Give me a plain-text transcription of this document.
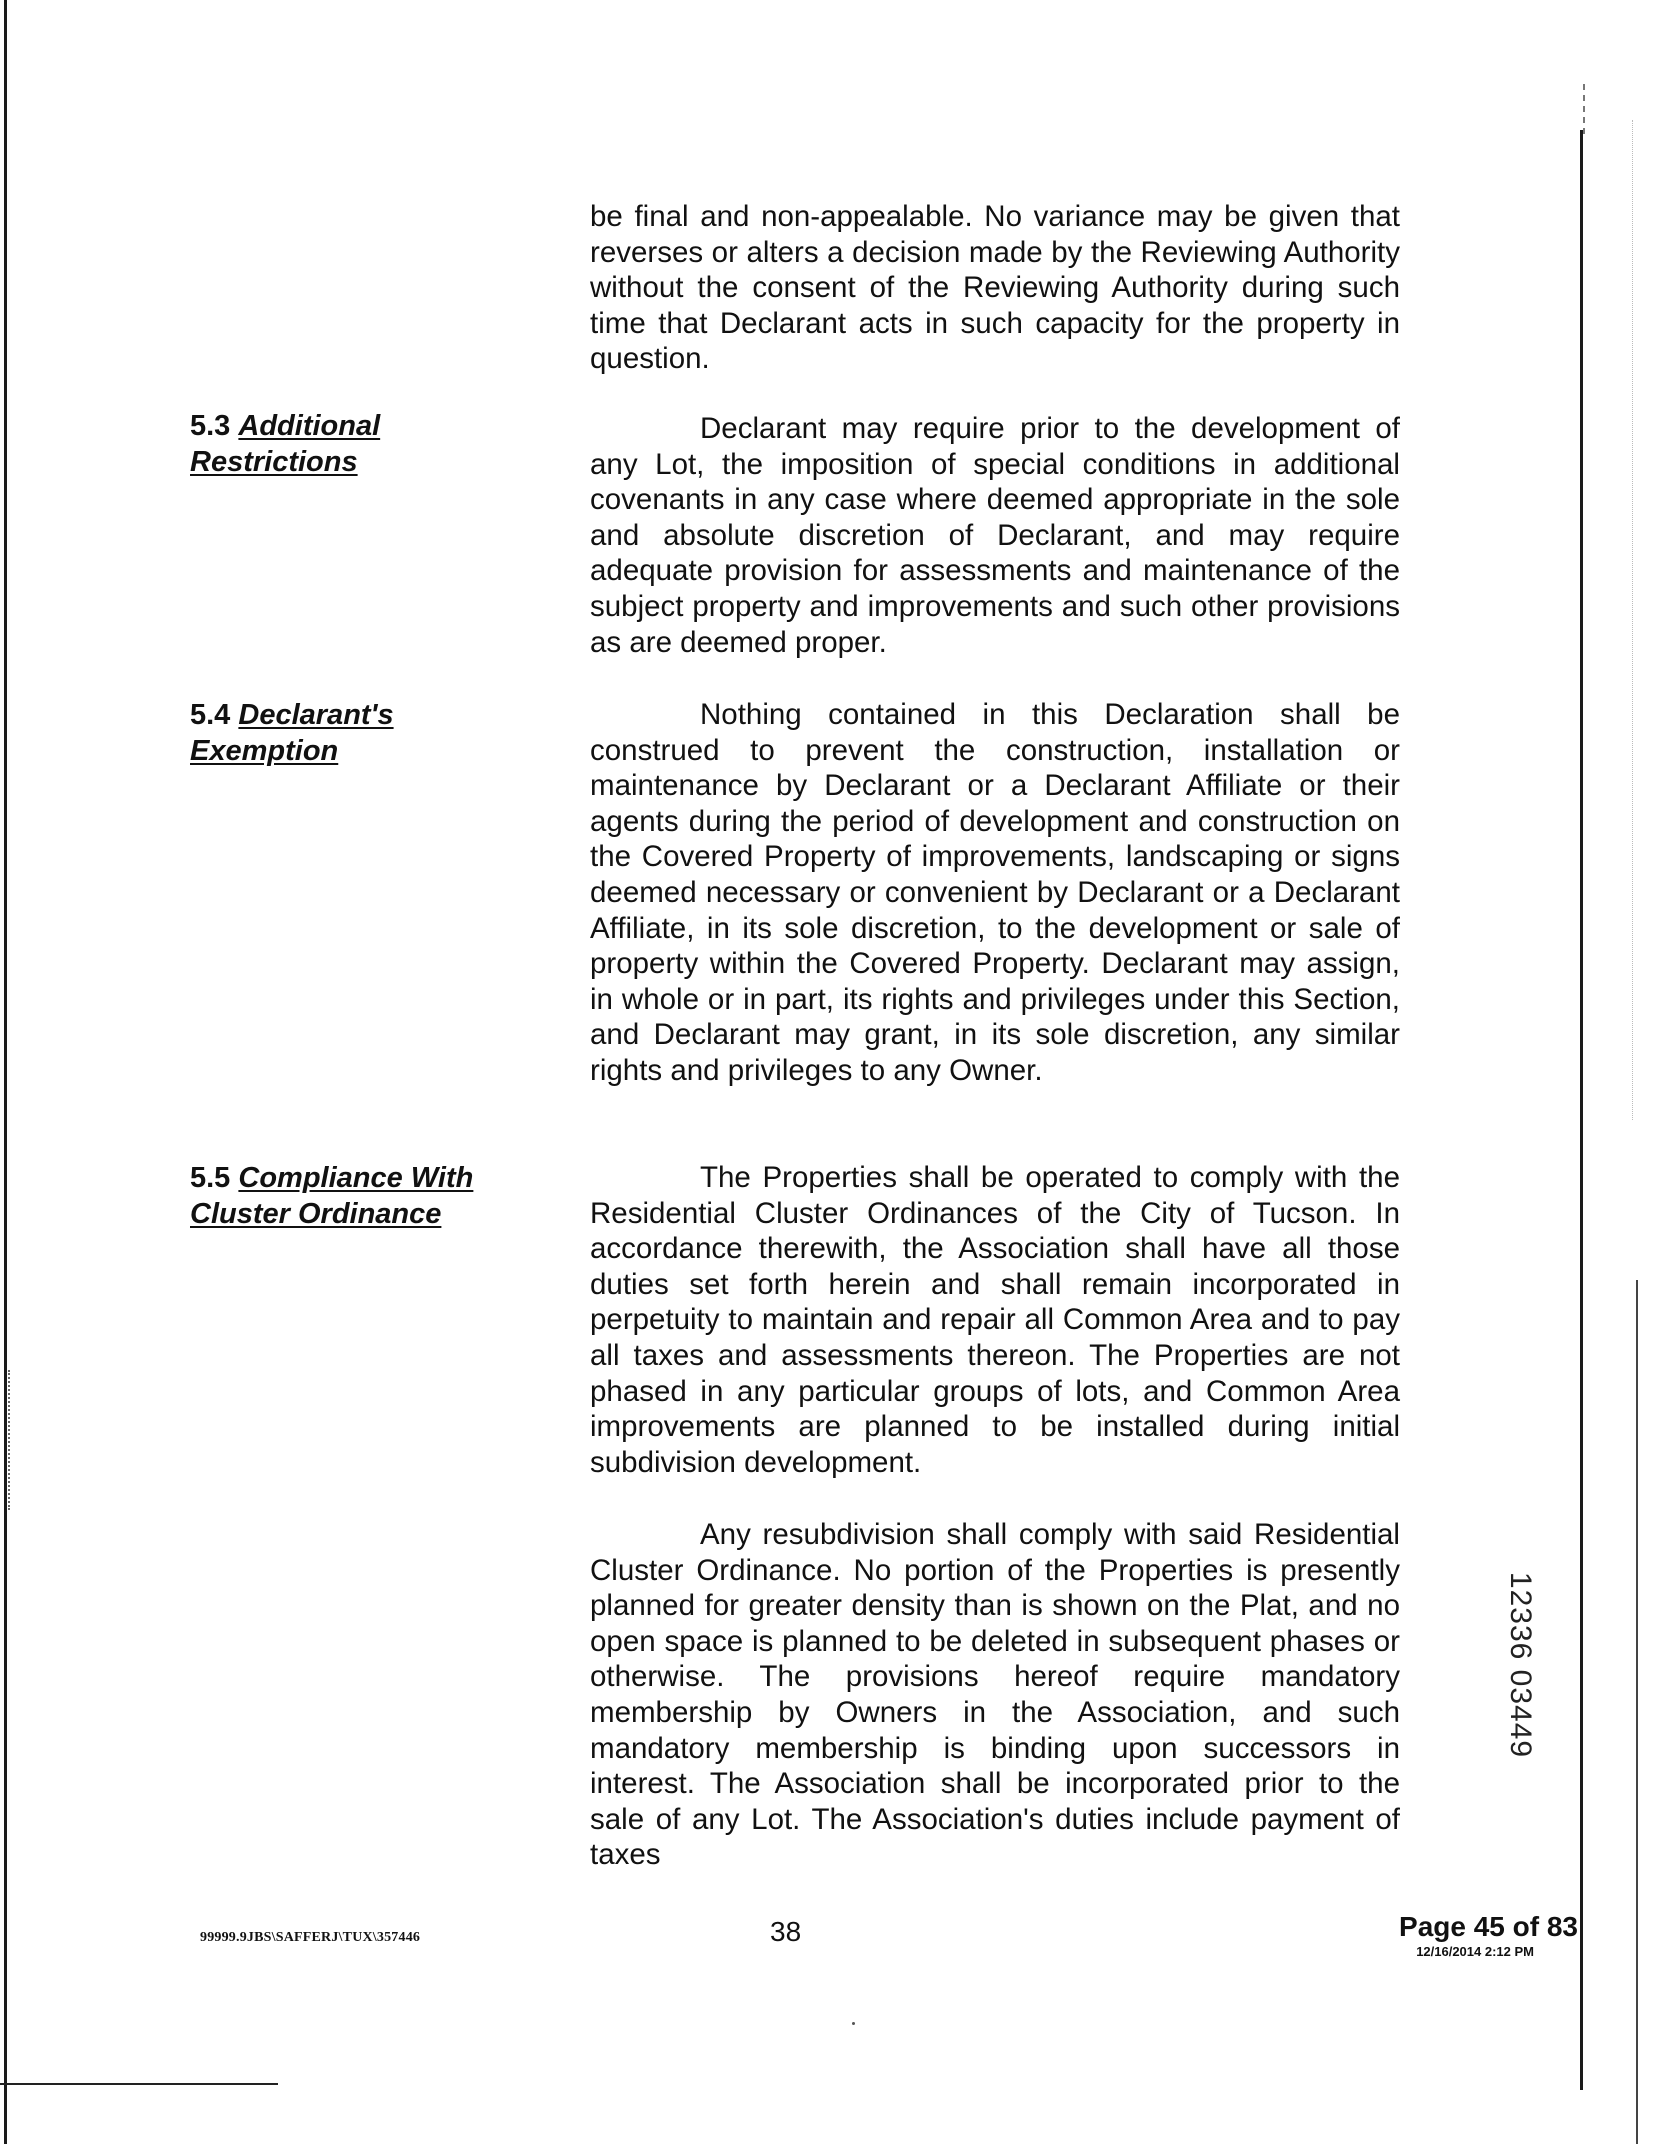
be final and non-appealable. No variance may be given that reverses or alters a decision made by the Reviewing Authority without the consent of the Reviewing Authority during such time that Declarant acts in such capacity for the property in question.

5.3 Additional Restrictions

Declarant may require prior to the development of any Lot, the imposition of special conditions in additional covenants in any case where deemed appropriate in the sole and absolute discretion of Declarant, and may require adequate provision for assessments and maintenance of the subject property and improvements and such other provisions as are deemed proper.

5.4 Declarant's Exemption

Nothing contained in this Declaration shall be construed to prevent the construction, installation or maintenance by Declarant or a Declarant Affiliate or their agents during the period of development and construction on the Covered Property of improvements, landscaping or signs deemed necessary or convenient by Declarant or a Declarant Affiliate, in its sole discretion, to the development or sale of property within the Covered Property. Declarant may assign, in whole or in part, its rights and privileges under this Section, and Declarant may grant, in its sole discretion, any similar rights and privileges to any Owner.

5.5 Compliance With Cluster Ordinance

The Properties shall be operated to comply with the Residential Cluster Ordinances of the City of Tucson. In accordance therewith, the Association shall have all those duties set forth herein and shall remain incorporated in perpetuity to maintain and repair all Common Area and to pay all taxes and assessments thereon. The Properties are not phased in any particular groups of lots, and Common Area improvements are planned to be installed during initial subdivision development.

Any resubdivision shall comply with said Residential Cluster Ordinance. No portion of the Properties is presently planned for greater density than is shown on the Plat, and no open space is planned to be deleted in subsequent phases or otherwise. The provisions hereof require mandatory membership by Owners in the Association, and such mandatory membership is binding upon successors in interest. The Association shall be incorporated prior to the sale of any Lot. The Association's duties include payment of taxes

12336 03449
99999.9JBS\SAFFERJ\TUX\357446	38	Page 45 of 83
12/16/2014 2:12 PM
